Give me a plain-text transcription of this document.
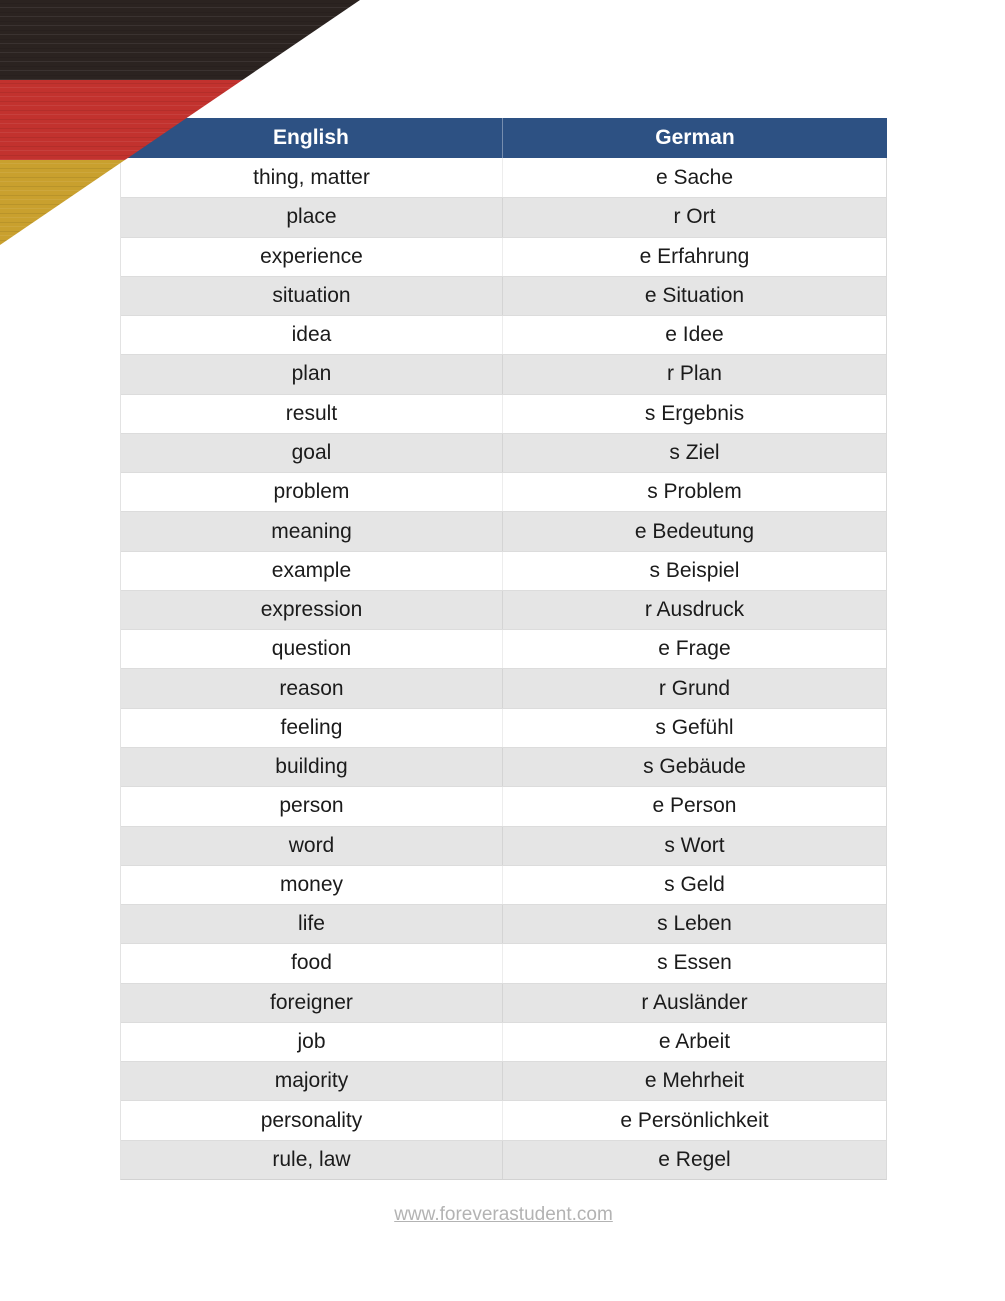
English	German
thing, matter	e Sache
place	r Ort
experience	e Erfahrung
situation	e Situation
idea	e Idee
plan	r Plan
result	s Ergebnis
goal	s Ziel
problem	s Problem
meaning	e Bedeutung
example	s Beispiel
expression	r Ausdruck
question	e Frage
reason	r Grund
feeling	s Gefühl
building	s Gebäude
person	e Person
word	s Wort
money	s Geld
life	s Leben
food	s Essen
foreigner	r Ausländer
job	e Arbeit
majority	e Mehrheit
personality	e Persönlichkeit
rule, law	e Regel
www.foreverastudent.com
